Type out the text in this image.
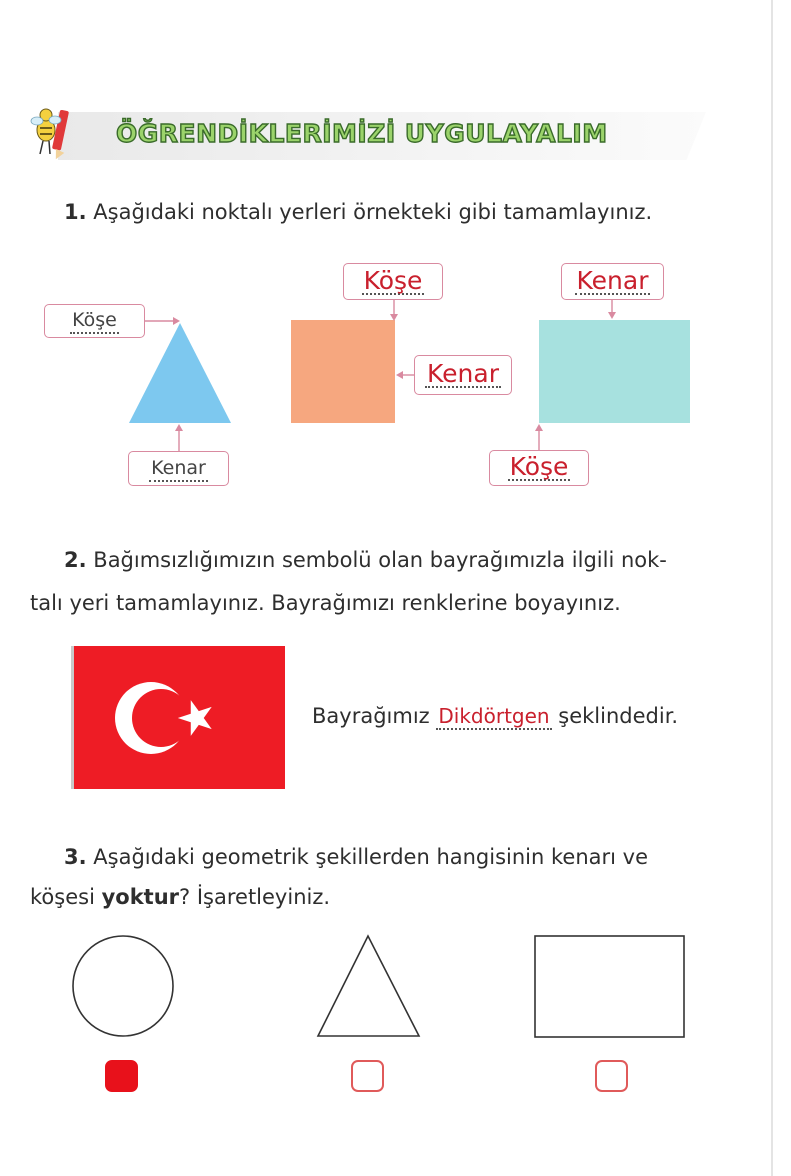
ÖĞRENDİKLERİMİZİ UYGULAYALIM
1. Aşağıdaki noktalı yerleri örnekteki gibi tamamlayınız.
Köşe
Kenar
Köşe
Kenar
Kenar
Köşe
2. Bağımsızlığımızın sembolü olan bayrağımızla ilgili nok-
talı yeri tamamlayınız. Bayrağımızı renklerine boyayınız.
Bayrağımız Dikdörtgen şeklindedir.
3. Aşağıdaki geometrik şekillerden hangisinin kenarı ve
köşesi yoktur? İşaretleyiniz.
